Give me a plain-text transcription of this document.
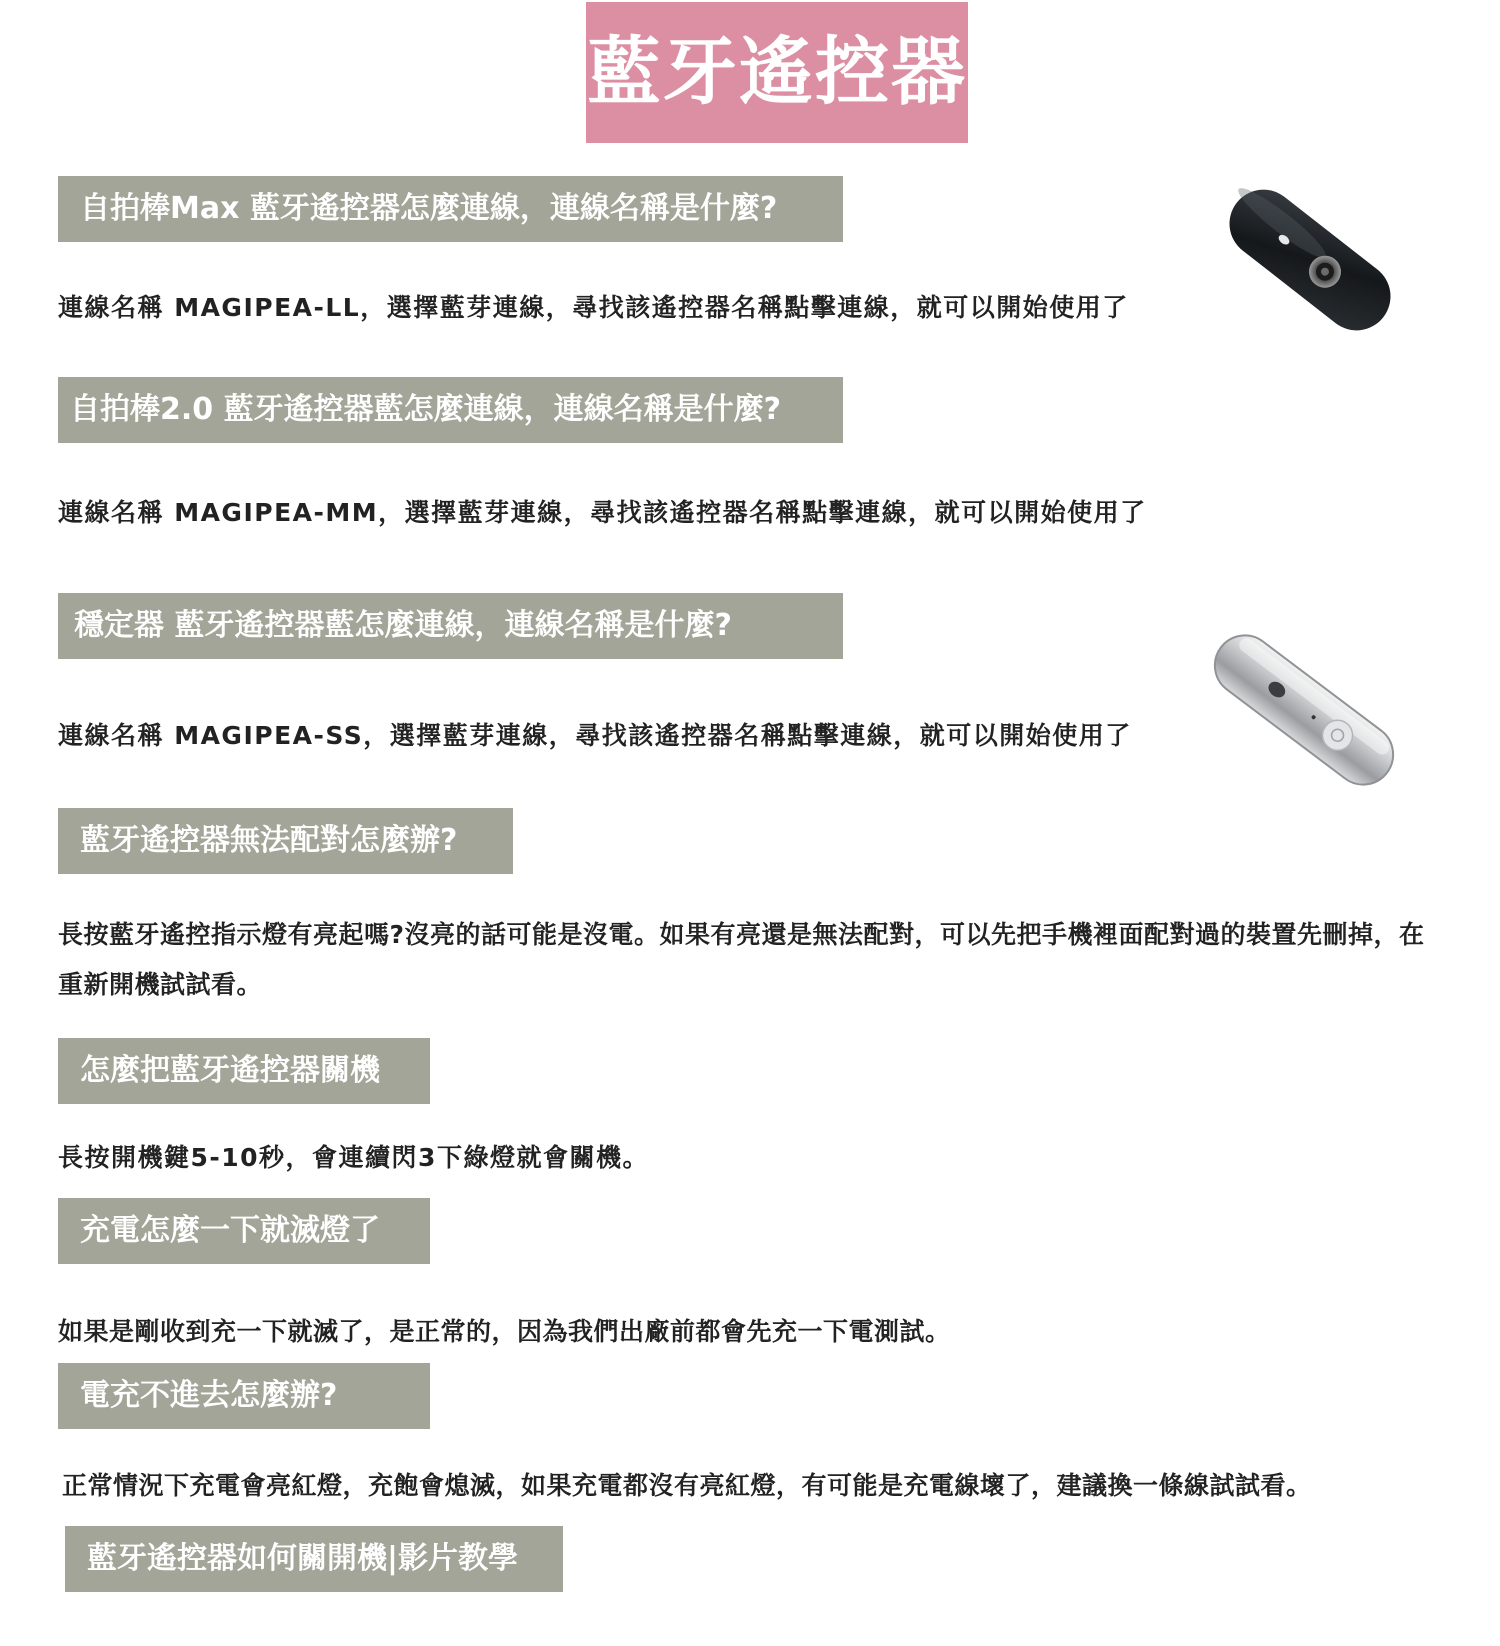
藍牙遙控器
自拍棒Max 藍牙遙控器怎麼連線，連線名稱是什麼?
連線名稱 MAGIPEA-LL，選擇藍芽連線，尋找該遙控器名稱點擊連線，就可以開始使用了
自拍棒2.0 藍牙遙控器藍怎麼連線，連線名稱是什麼?
連線名稱 MAGIPEA-MM，選擇藍芽連線，尋找該遙控器名稱點擊連線，就可以開始使用了
穩定器 藍牙遙控器藍怎麼連線，連線名稱是什麼?
連線名稱 MAGIPEA-SS，選擇藍芽連線，尋找該遙控器名稱點擊連線，就可以開始使用了
藍牙遙控器無法配對怎麼辦?
長按藍牙遙控指示燈有亮起嗎?沒亮的話可能是沒電。如果有亮還是無法配對，可以先把手機裡面配對過的裝置先刪掉，在重新開機試試看。
怎麼把藍牙遙控器關機
長按開機鍵5-10秒，會連續閃3下綠燈就會關機。
充電怎麼一下就滅燈了
如果是剛收到充一下就滅了，是正常的，因為我們出廠前都會先充一下電測試。
電充不進去怎麼辦?
正常情況下充電會亮紅燈，充飽會熄滅，如果充電都沒有亮紅燈，有可能是充電線壞了，建議換一條線試試看。
藍牙遙控器如何關開機|影片教學
